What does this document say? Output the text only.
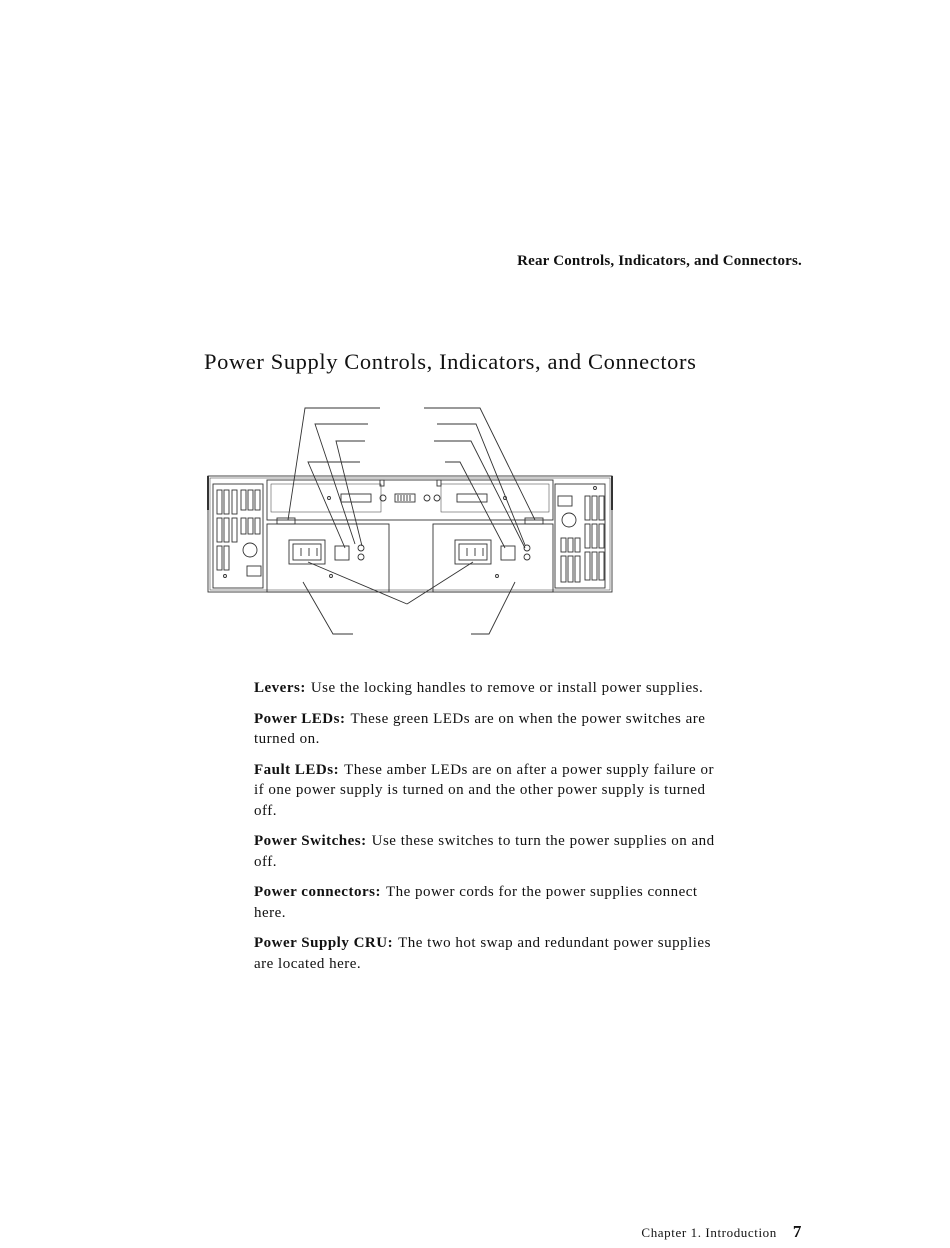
Rear Controls, Indicators, and Connectors.
Power Supply Controls, Indicators, and Connectors

Levers: Use the locking handles to remove or install power supplies.

Power LEDs: These green LEDs are on when the power switches are turned on.

Fault LEDs: These amber LEDs are on after a power supply failure or if one power supply is turned on and the other power supply is turned off.

Power Switches: Use these switches to turn the power supplies on and off.

Power connectors: The power cords for the power supplies connect here.

Power Supply CRU: The two hot swap and redundant power supplies are located here.

Chapter 1. Introduction 7
